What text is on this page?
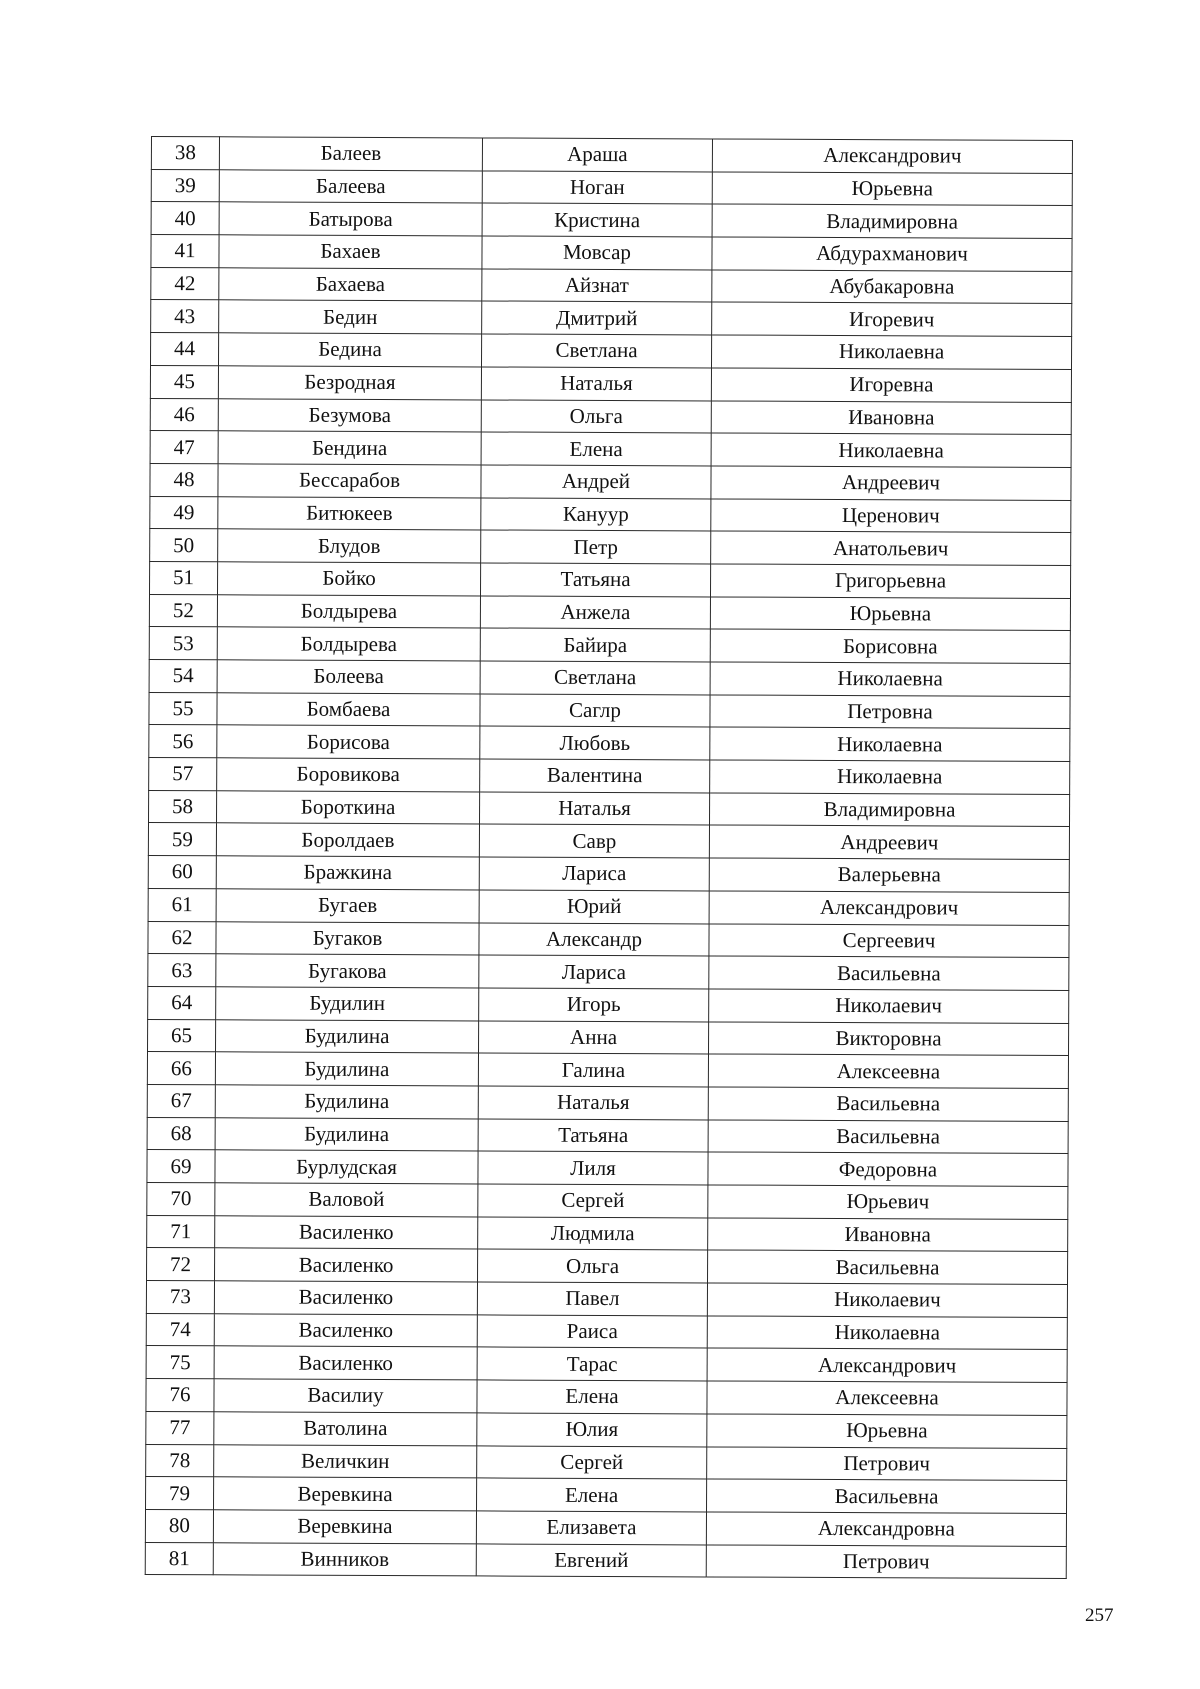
38	Балеев	Араша	Александрович
39	Балеева	Ноган	Юрьевна
40	Батырова	Кристина	Владимировна
41	Бахаев	Мовсар	Абдурахманович
42	Бахаева	Айзнат	Абубакаровна
43	Бедин	Дмитрий	Игоревич
44	Бедина	Светлана	Николаевна
45	Безродная	Наталья	Игоревна
46	Безумова	Ольга	Ивановна
47	Бендина	Елена	Николаевна
48	Бессарабов	Андрей	Андреевич
49	Битюкеев	Кануур	Церенович
50	Блудов	Петр	Анатольевич
51	Бойко	Татьяна	Григорьевна
52	Болдырева	Анжела	Юрьевна
53	Болдырева	Байира	Борисовна
54	Болеева	Светлана	Николаевна
55	Бомбаева	Саглр	Петровна
56	Борисова	Любовь	Николаевна
57	Боровикова	Валентина	Николаевна
58	Бороткина	Наталья	Владимировна
59	Боролдаев	Савр	Андреевич
60	Бражкина	Лариса	Валерьевна
61	Бугаев	Юрий	Александрович
62	Бугаков	Александр	Сергеевич
63	Бугакова	Лариса	Васильевна
64	Будилин	Игорь	Николаевич
65	Будилина	Анна	Викторовна
66	Будилина	Галина	Алексеевна
67	Будилина	Наталья	Васильевна
68	Будилина	Татьяна	Васильевна
69	Бурлудская	Лиля	Федоровна
70	Валовой	Сергей	Юрьевич
71	Василенко	Людмила	Ивановна
72	Василенко	Ольга	Васильевна
73	Василенко	Павел	Николаевич
74	Василенко	Раиса	Николаевна
75	Василенко	Тарас	Александрович
76	Василиу	Елена	Алексеевна
77	Ватолина	Юлия	Юрьевна
78	Величкин	Сергей	Петрович
79	Веревкина	Елена	Васильевна
80	Веревкина	Елизавета	Александровна
81	Винников	Евгений	Петрович
257
